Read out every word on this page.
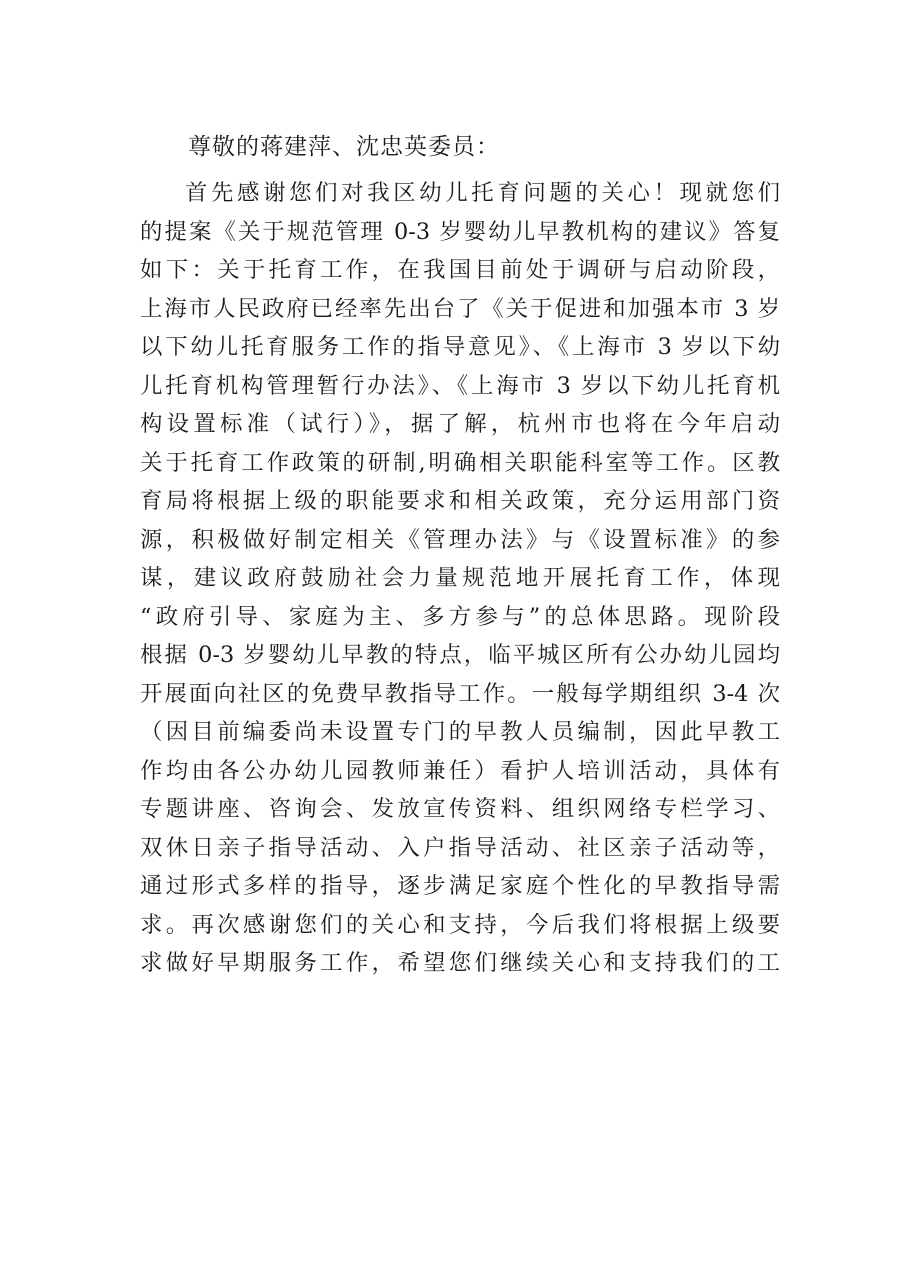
尊敬的蒋建萍、沈忠英委员：
首先感谢您们对我区幼儿托育问题的关心！现就您们
的提案《关于规范管理 0-3 岁婴幼儿早教机构的建议》答复
如下：关于托育工作，在我国目前处于调研与启动阶段，
上海市人民政府已经率先出台了《关于促进和加强本市 3 岁
以下幼儿托育服务工作的指导意见》、《上海市 3 岁以下幼
儿托育机构管理暂行办法》、《上海市 3 岁以下幼儿托育机
构设置标准（试行）》，据了解，杭州市也将在今年启动
关于托育工作政策的研制,明确相关职能科室等工作。区教
育局将根据上级的职能要求和相关政策，充分运用部门资
源，积极做好制定相关《管理办法》与《设置标准》的参
谋，建议政府鼓励社会力量规范地开展托育工作，体现
“政府引导、家庭为主、多方参与”的总体思路。现阶段
根据 0-3 岁婴幼儿早教的特点，临平城区所有公办幼儿园均
开展面向社区的免费早教指导工作。一般每学期组织 3-4 次
（因目前编委尚未设置专门的早教人员编制，因此早教工
作均由各公办幼儿园教师兼任）看护人培训活动，具体有
专题讲座、咨询会、发放宣传资料、组织网络专栏学习、
双休日亲子指导活动、入户指导活动、社区亲子活动等，
通过形式多样的指导，逐步满足家庭个性化的早教指导需
求。再次感谢您们的关心和支持，今后我们将根据上级要
求做好早期服务工作，希望您们继续关心和支持我们的工
